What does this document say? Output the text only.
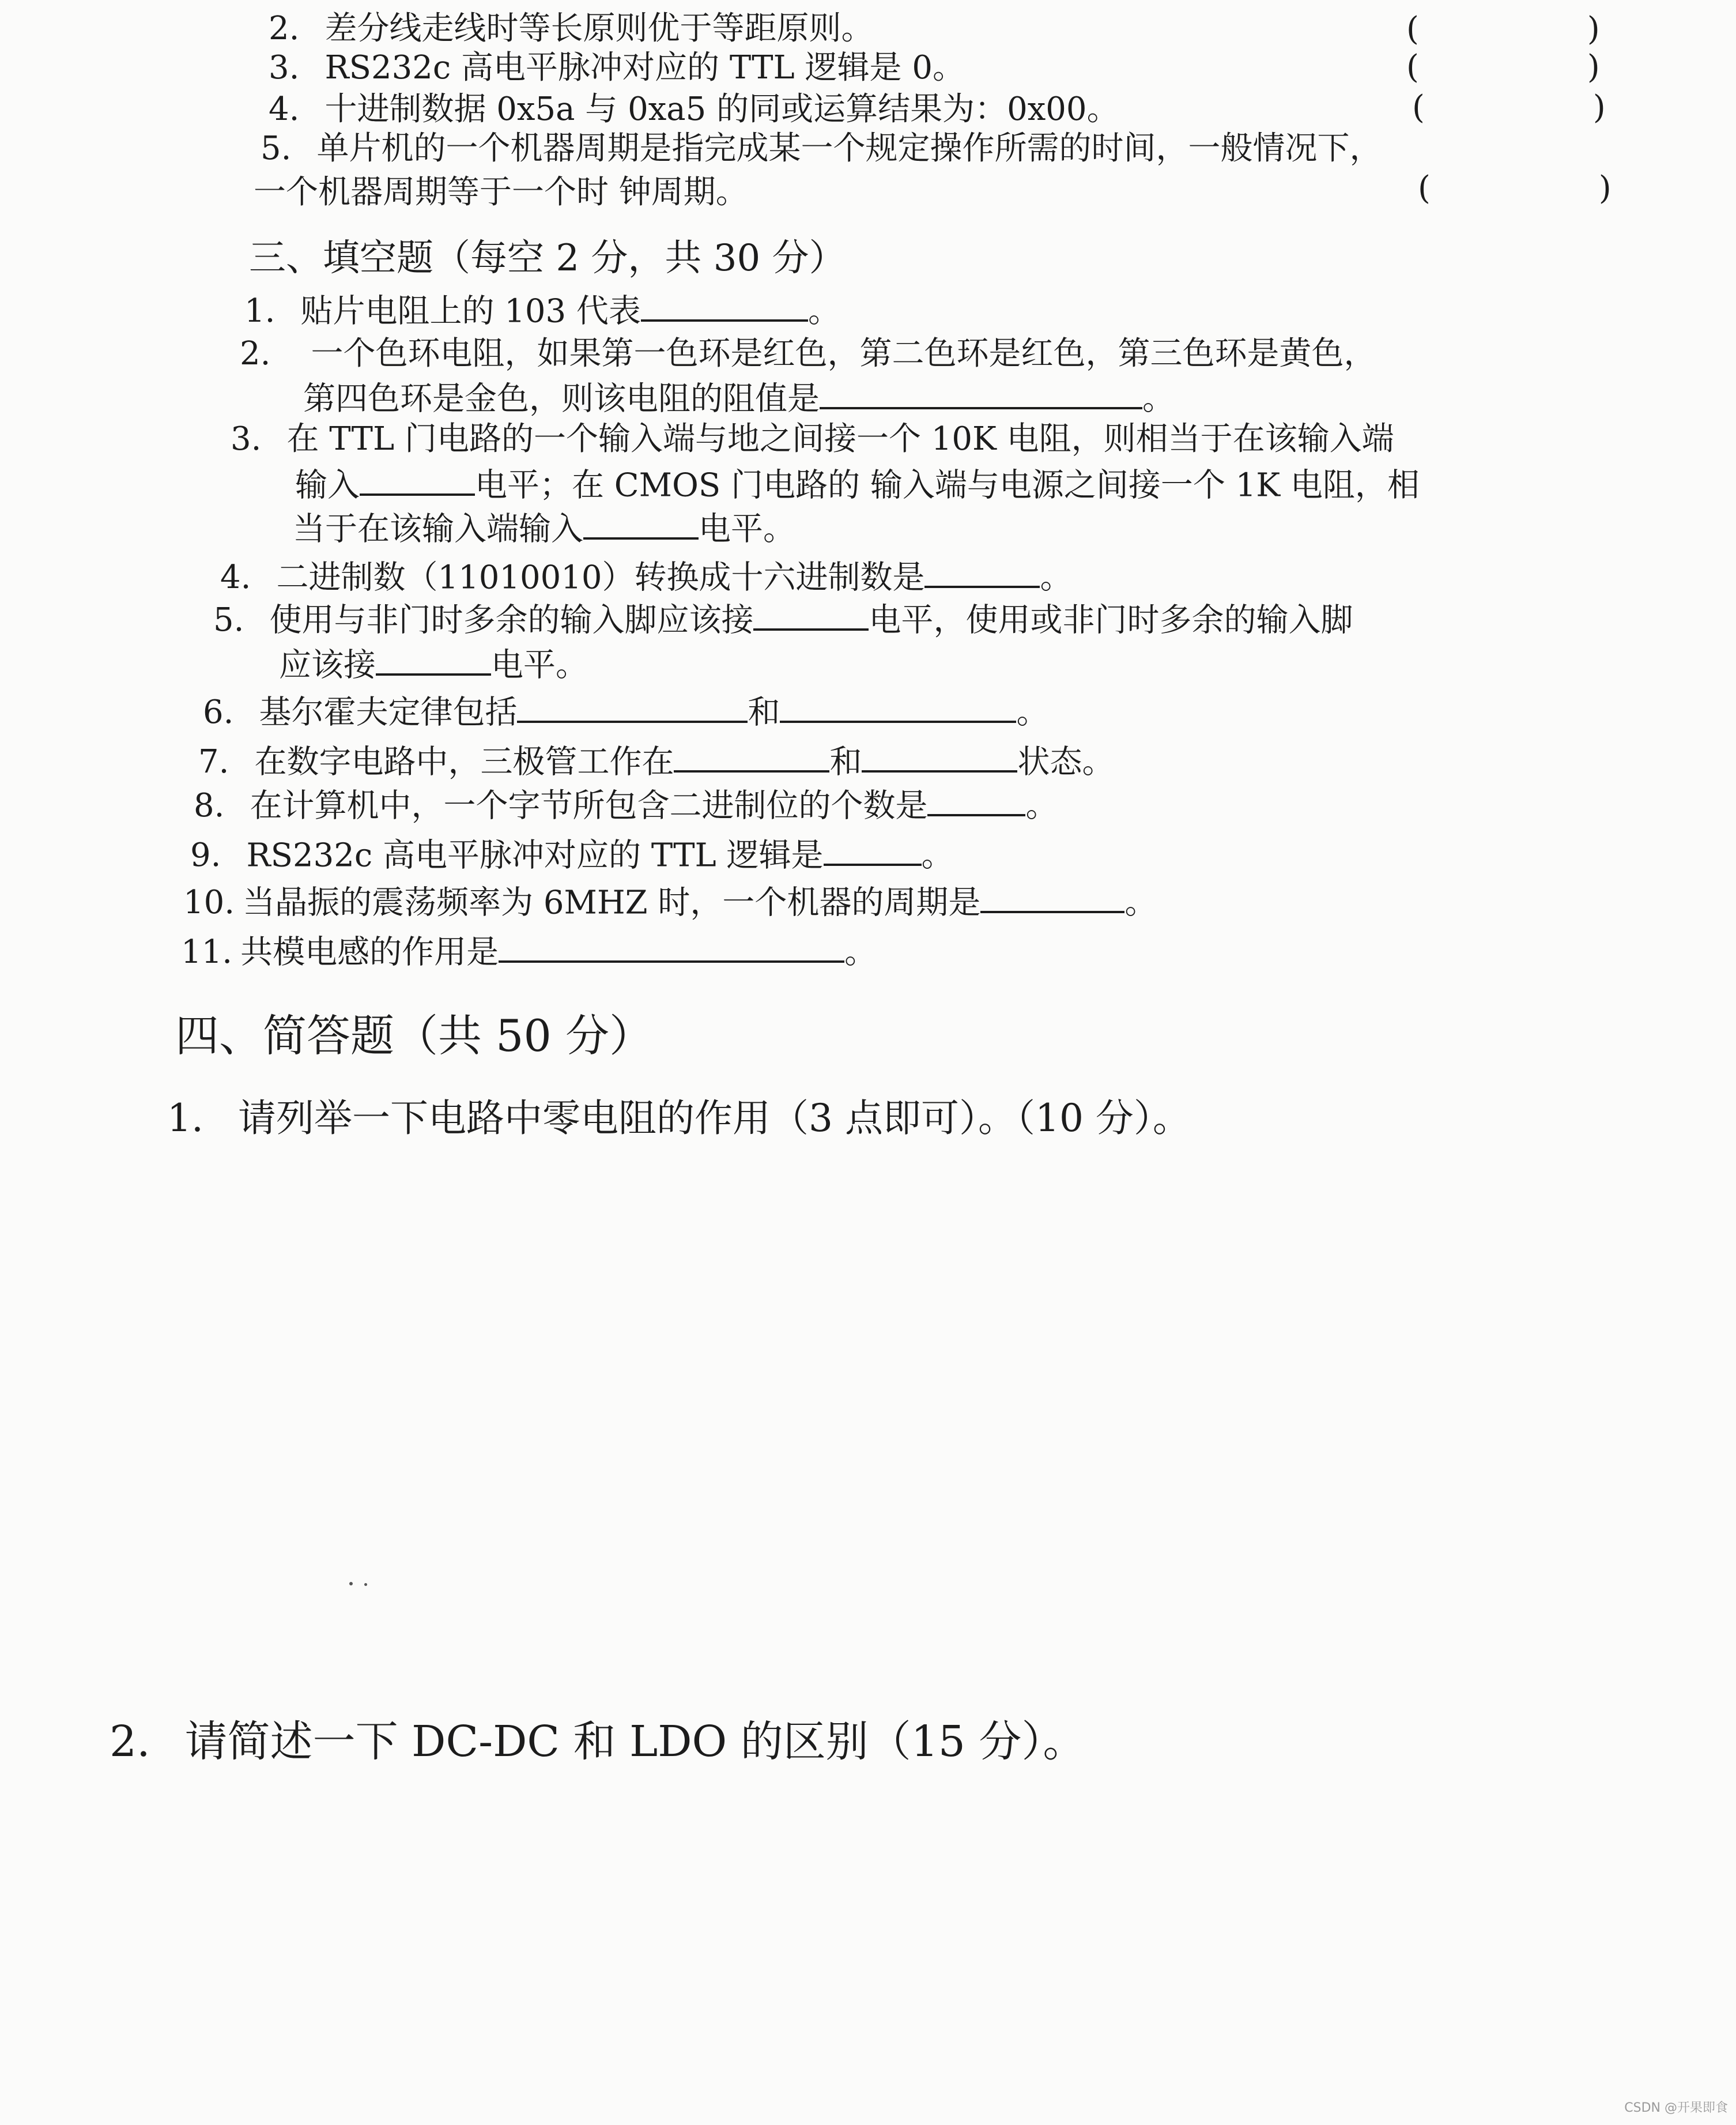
2. 差分线走线时等长原则优于等距原则。	(　　)
3. RS232c 高电平脉冲对应的 TTL 逻辑是 0。	(　　)
4. 十进制数据 0x5a 与 0xa5 的同或运算结果为：0x00。	(　　)
5. 单片机的一个机器周期是指完成某一个规定操作所需的时间，一般情况下，
一个机器周期等于一个时 钟周期。	(　　)
三、填空题（每空 2 分，共 30 分）
1. 贴片电阻上的 103 代表	。
2. 一个色环电阻，如果第一色环是红色，第二色环是红色，第三色环是黄色，
第四色环是金色，则该电阻的阻值是	。
3. 在 TTL 门电路的一个输入端与地之间接一个 10K 电阻，则相当于在该输入端
输入	电平；在 CMOS 门电路的 输入端与电源之间接一个 1K 电阻，相
当于在该输入端输入	电平。
4. 二进制数（11010010）转换成十六进制数是	。
5. 使用与非门时多余的输入脚应该接	电平，使用或非门时多余的输入脚
应该接	电平。
6. 基尔霍夫定律包括	和	。
7. 在数字电路中，三极管工作在	和	状态。
8. 在计算机中，一个字节所包含二进制位的个数是	。
9. RS232c 高电平脉冲对应的 TTL 逻辑是	。
10. 当晶振的震荡频率为 6MHZ 时，一个机器的周期是	。
11. 共模电感的作用是	。
四、简答题（共 50 分）
1. 请列举一下电路中零电阻的作用（3 点即可）。（10 分）。
2. 请简述一下 DC-DC 和 LDO 的区别（15 分）。
CSDN @开果即食
